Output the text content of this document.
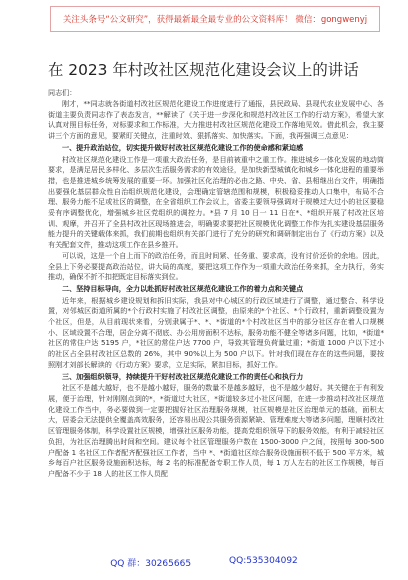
关注头条号“公文研究”，获得最新最全最专业的公文资料库！ 微信：gongwenyj
在 2023 年村改社区规范化建设会议上的讲话
同志们：

刚才，**同志就各街道村改社区规范化建设工作进度进行了通报，县民政局、县现代农业发展中心、各街道主要负责同志作了表态发言，**解读了《关于进一步深化和规范村改社区工作的行动方案》，希望大家认真对照目标任务，对标要求和工作标准，大力推进村改社区规范化建设工作落地见效。借此机会，我主要讲三个方面的意见，要紧盯关键点，注重时效、狠抓落实、加快落实。下面，我再强调三点意见：

一、提升政治站位，切实提升做好村改社区规范化建设工作的使命感和紧迫感

村改社区规范化建设工作是一项重大政治任务，是目前被重中之重工作。推进城乡一体化发展的地动筒要求，是满足居民多样化、多层次生活服务需求的有效途径，是加快新型城镇化和城乡一体化进程的重要举措，也是推进城乡统筹发展的重要一环。加强社区化治理的必由之路、中央、省、县相继出台文件，明确指出要强化基层群众性自治组织规范化建设，会理确定管辖范围和规模，积极稳妥推动人口集中，布局不合理、服务力能不足或社区的调整，在全省组织工作会议上，省委主要领导强调对于规模过大过小的社区要稳妥有序调整优化，增强城乡社区党组织的调控力。*县 7 月 10 日一 11 日在*、*组织开展了村改社区培训、观摩，并召开了全县村改社区现场推进会，明确要求要把社区规模优化调整工作作为扎实建设基层服务能力提升的关键载体来抓，我们前期也组织有关部门进行了充分的研究和调研制定出台了《行动方案》以及有关配套文件，推动这项工作在县乡推开。

可以说，这是一个自上而下的政治任务，而且时间紧、任务重、要求高，没有讨价还价的余地。因此，全县上下务必要提高政治站位，讲大局的高度，要把这项工作作为一项重大政治任务来抓，全力执行，务实推动，确保不折不扣把既定目标落实到位。

二、坚持目标导向，全力以赴抓好村改社区规范化建设工作的着力点和关键点

近年来，根据城乡建设规划和拆旧实际，我县对中心城区的行政区域进行了调整，通过整合、科学设置，对邻城区街道所属的*个行政村实施了村改社区调整，由原来的*个社区、*个行政村，重新调整设置为个社区，但是，从目前现状来看，分别隶属于*、*、*街道的*个村改社区当中的部分社区存在着人口规模小、区域设置不合理，居企分离不彻底、办公用房面积不达标，服务功能不健全等诸多问题，比如，*街道*社区的常住户达 5195 户，*社区的常住户达 7700 户，导致其管理负荷量过重；*街道 1000 户以下过小的社区占全县村改社区总数的 26%，其中 90%以上为 500 户以下。针对我们现在存在的这些问题，要按照刚才刘部长解读的《行动方案》要求，立足实际，紧扣目标，抓好工作。

三、加强组织领导，持续提升干好村改社区规范化建设工作的责任心和执行力

社区不是越大越好，也不是越小越好，服务的数量不是越多越好，也不是越少越好。其关键在于有利发展，便于治理，针对刚刚点到的*，*街道过大社区，*街道较多过小社区问题，在进一步推动村改社区规范化建设工作当中，务必要做到一定要把握好社区治理服务规模，社区规模是社区治理单元的基础，面积太大，居委会无法提供全覆盖高效服务，还容易出现公共服务资源紧缺、管理难度大等诸多问题，理顺村改社区管理服务体制，科学设置社区规模，增强社区服务功能，提高党组织领导下的服务效能，有利于减轻社区负担，为社区治理腾出时间和空间。建议每个社区管理服务户数在 1500-3000 户之间，按照每 300-500 户配备 1 名社区工作者配齐配强社区工作者，当中 *、*街道社区综合服务设施面积不低于 500 平方米，城乡每百户社区服务设施面积达标，每 2 名的标准配备专职工作人员，每 1 万人左右的社区工作规模，每百户配备不少于 18 人的社区工作人员配

QQ 群：30265665	QQ:535304092
